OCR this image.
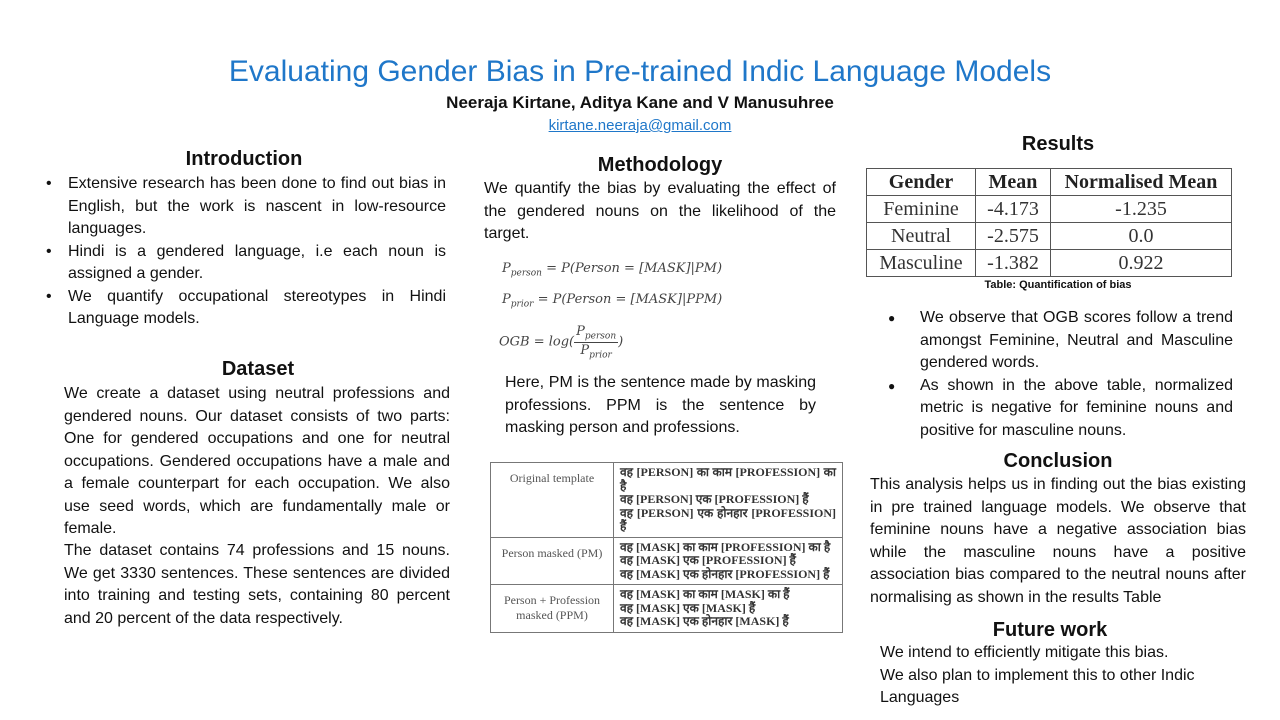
Evaluating Gender Bias in Pre-trained Indic Language Models
Neeraja Kirtane, Aditya Kane and V Manusuhree
kirtane.neeraja@gmail.com
Introduction
• Extensive research has been done to find out bias in English, but the work is nascent in low-resource languages.
• Hindi is a gendered language, i.e each noun is assigned a gender.
• We quantify occupational stereotypes in Hindi Language models.
Dataset
We create a dataset using neutral professions and gendered nouns. Our dataset consists of two parts: One for gendered occupations and one for neutral occupations. Gendered occupations have a male and a female counterpart for each occupation. We also use seed words, which are fundamentally male or female.
The dataset contains 74 professions and 15 nouns. We get 3330 sentences. These sentences are divided into training and testing sets, containing 80 percent and 20 percent of the data respectively.
Methodology
We quantify the bias by evaluating the effect of the gendered nouns on the likelihood of the target.
$P_{person}$ = P(Person = [MASK]|PM)
$P_{prior}$ = P(Person = [MASK]|PPM)
OGB = $\log( \frac{P_{person}}{P_{prior}}$ )
Here, PM is the sentence made by masking professions. PPM is the sentence by masking person and professions.
Original template	वह [PERSON] का काम [PROFESSION] का है
वह [PERSON] एक [PROFESSION] हैं
वह [PERSON] एक होनहार [PROFESSION] हैं

Person masked (PM)	वह [MASK] का काम [PROFESSION] का है
वह [MASK] एक [PROFESSION] हैं
वह [MASK] एक होनहार [PROFESSION] हैं

Person + Profession masked (PPM)	वह [MASK] का काम [MASK] का हैं
वह [MASK] एक [MASK] हैं
वह [MASK] एक होनहार [MASK] हैं
Results
Gender	Mean	Normalised Mean
Feminine	-4.173	-1.235
Neutral	-2.575	0.0
Masculine	-1.382	0.922
Table: Quantification of bias
● We observe that OGB scores follow a trend amongst Feminine, Neutral and Masculine gendered words.
● As shown in the above table, normalized metric is negative for feminine nouns and positive for masculine nouns.
Conclusion
This analysis helps us in finding out the bias existing in pre trained language models. We observe that feminine nouns have a negative association bias while the masculine nouns have a positive association bias compared to the neutral nouns after normalising as shown in the results Table
Future work
We intend to efficiently mitigate this bias.
We also plan to implement this to other Indic Languages
